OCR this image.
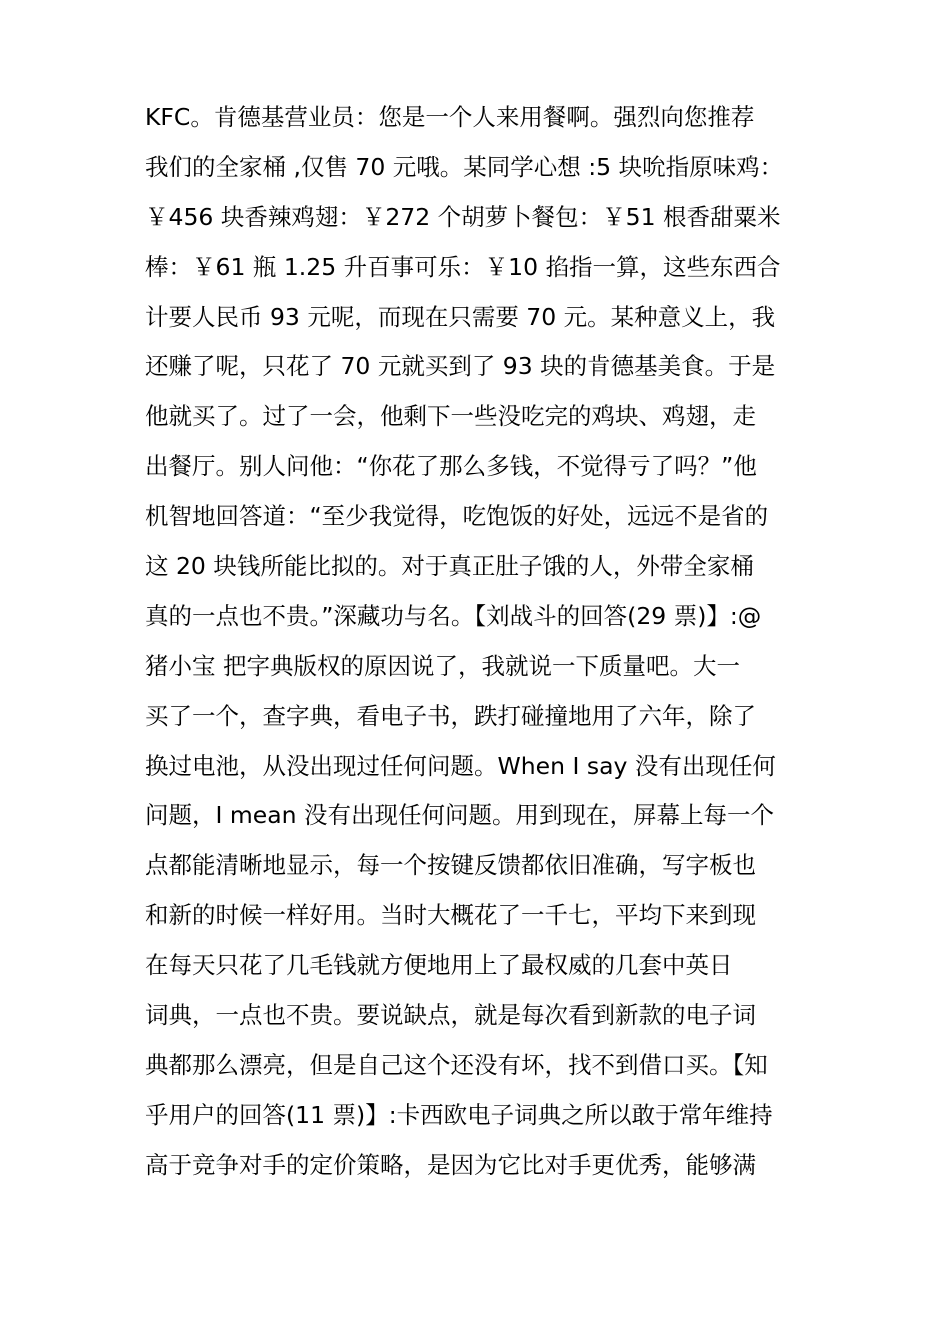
KFC。肯德基营业员：您是一个人来用餐啊。强烈向您推荐
我们的全家桶 ,仅售 70 元哦。某同学心想 :5 块吮指原味鸡：
￥456 块香辣鸡翅：￥272 个胡萝卜餐包：￥51 根香甜粟米
棒：￥61 瓶 1.25 升百事可乐：￥10 掐指一算，这些东西合
计要人民币 93 元呢，而现在只需要 70 元。某种意义上，我
还赚了呢，只花了 70 元就买到了 93 块的肯德基美食。于是
他就买了。过了一会，他剩下一些没吃完的鸡块、鸡翅，走
出餐厅。别人问他：“你花了那么多钱，不觉得亏了吗？”他
机智地回答道：“至少我觉得，吃饱饭的好处，远远不是省的
这 20 块钱所能比拟的。对于真正肚子饿的人，外带全家桶
真的一点也不贵。”深藏功与名。【刘战斗的回答(29 票)】:@
猪小宝 把字典版权的原因说了，我就说一下质量吧。大一
买了一个，查字典，看电子书，跌打碰撞地用了六年，除了
换过电池，从没出现过任何问题。When I say 没有出现任何
问题，I mean 没有出现任何问题。用到现在，屏幕上每一个
点都能清晰地显示，每一个按键反馈都依旧准确，写字板也
和新的时候一样好用。当时大概花了一千七，平均下来到现
在每天只花了几毛钱就方便地用上了最权威的几套中英日
词典，一点也不贵。要说缺点，就是每次看到新款的电子词
典都那么漂亮，但是自己这个还没有坏，找不到借口买。【知
乎用户的回答(11 票)】:卡西欧电子词典之所以敢于常年维持
高于竞争对手的定价策略，是因为它比对手更优秀，能够满
